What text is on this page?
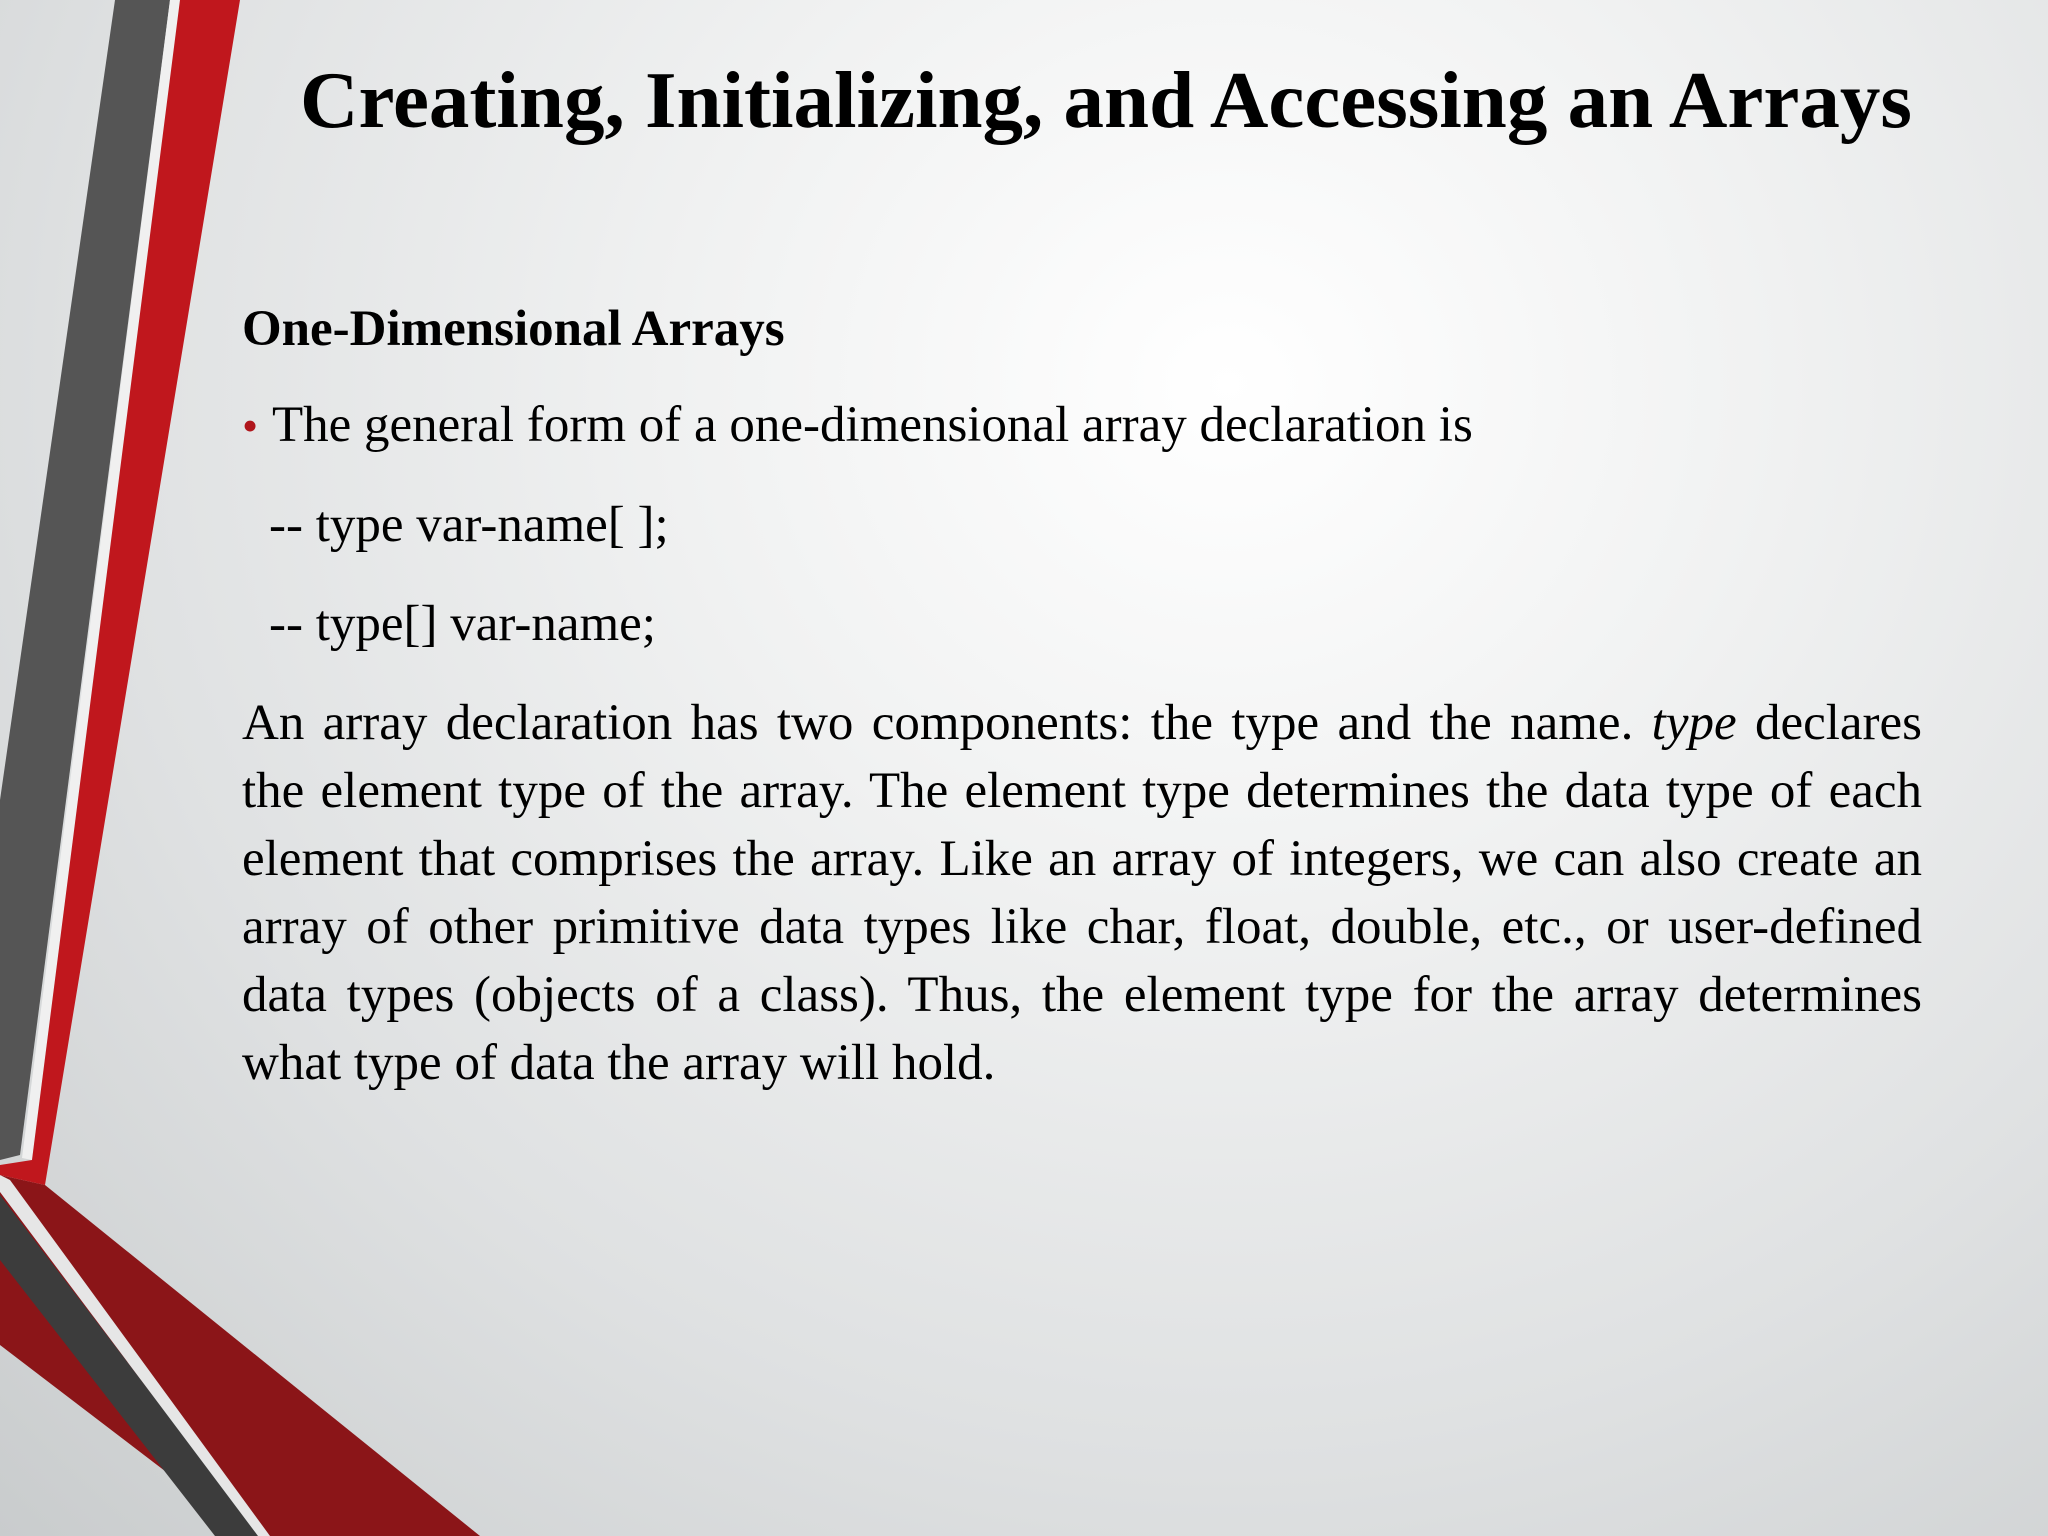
Creating, Initializing, and Accessing an Arrays

One-Dimensional Arrays

• The general form of a one-dimensional array declaration is

-- type var-name[ ];

-- type[] var-name;

An array declaration has two components: the type and the name. type declares the element type of the array. The element type determines the data type of each element that comprises the array. Like an array of integers, we can also create an array of other primitive data types like char, float, double, etc., or user-defined data types (objects of a class). Thus, the element type for the array determines what type of data the array will hold.
